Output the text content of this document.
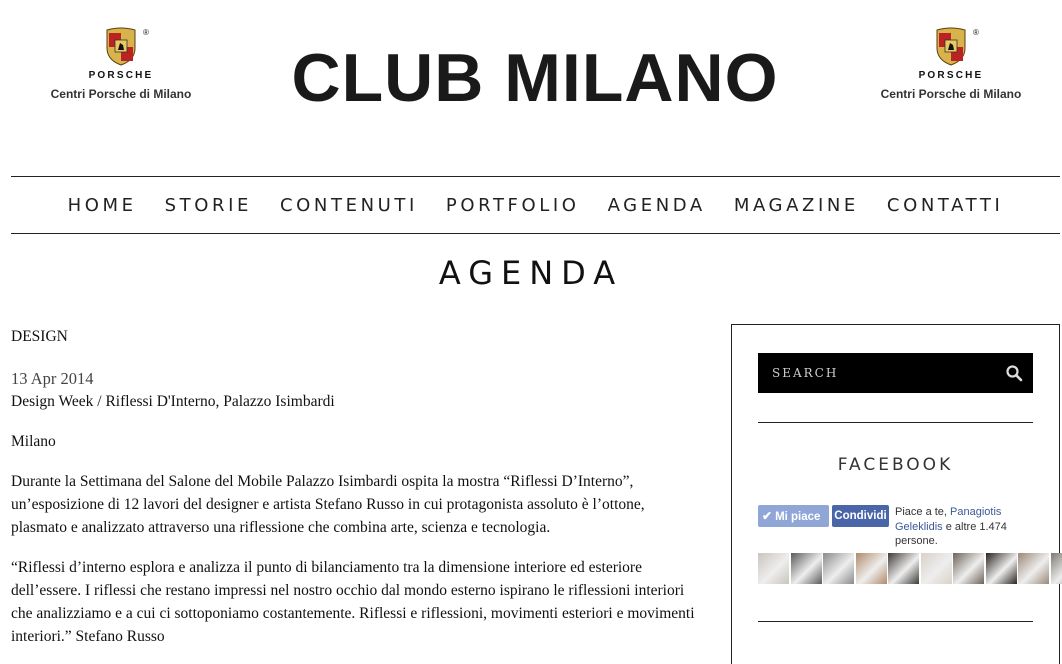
®
PORSCHE
Centri Porsche di Milano	CLUB MILANO
®
PORSCHE
Centri Porsche di Milano
HOME STORIE CONTENUTI PORTFOLIO AGENDA MAGAZINE CONTATTI
AGENDA

DESIGN

13 Apr 2014

Design Week / Riflessi D'Interno, Palazzo Isimbardi

Milano

Durante la Settimana del Salone del Mobile Palazzo Isimbardi ospita la mostra “Riflessi D’Interno”, un’esposizione di 12 lavori del designer e artista Stefano Russo in cui protagonista assoluto è l’ottone, plasmato e analizzato attraverso una riflessione che combina arte, scienza e tecnologia.

“Riflessi d’interno esplora e analizza il punto di bilanciamento tra la dimensione interiore ed esteriore dell’essere. I riflessi che restano impressi nel nostro occhio dal mondo esterno ispirano le riflessioni interiori che analizziamo e a cui ci sottoponiamo costantemente. Riflessi e riflessioni, movimenti esteriori e movimenti interiori.” Stefano Russo

SEARCH
FACEBOOK
✔ Mi piace	Condividi Piace a te, Panagiotis Geleklidis e altre 1.474 persone.
